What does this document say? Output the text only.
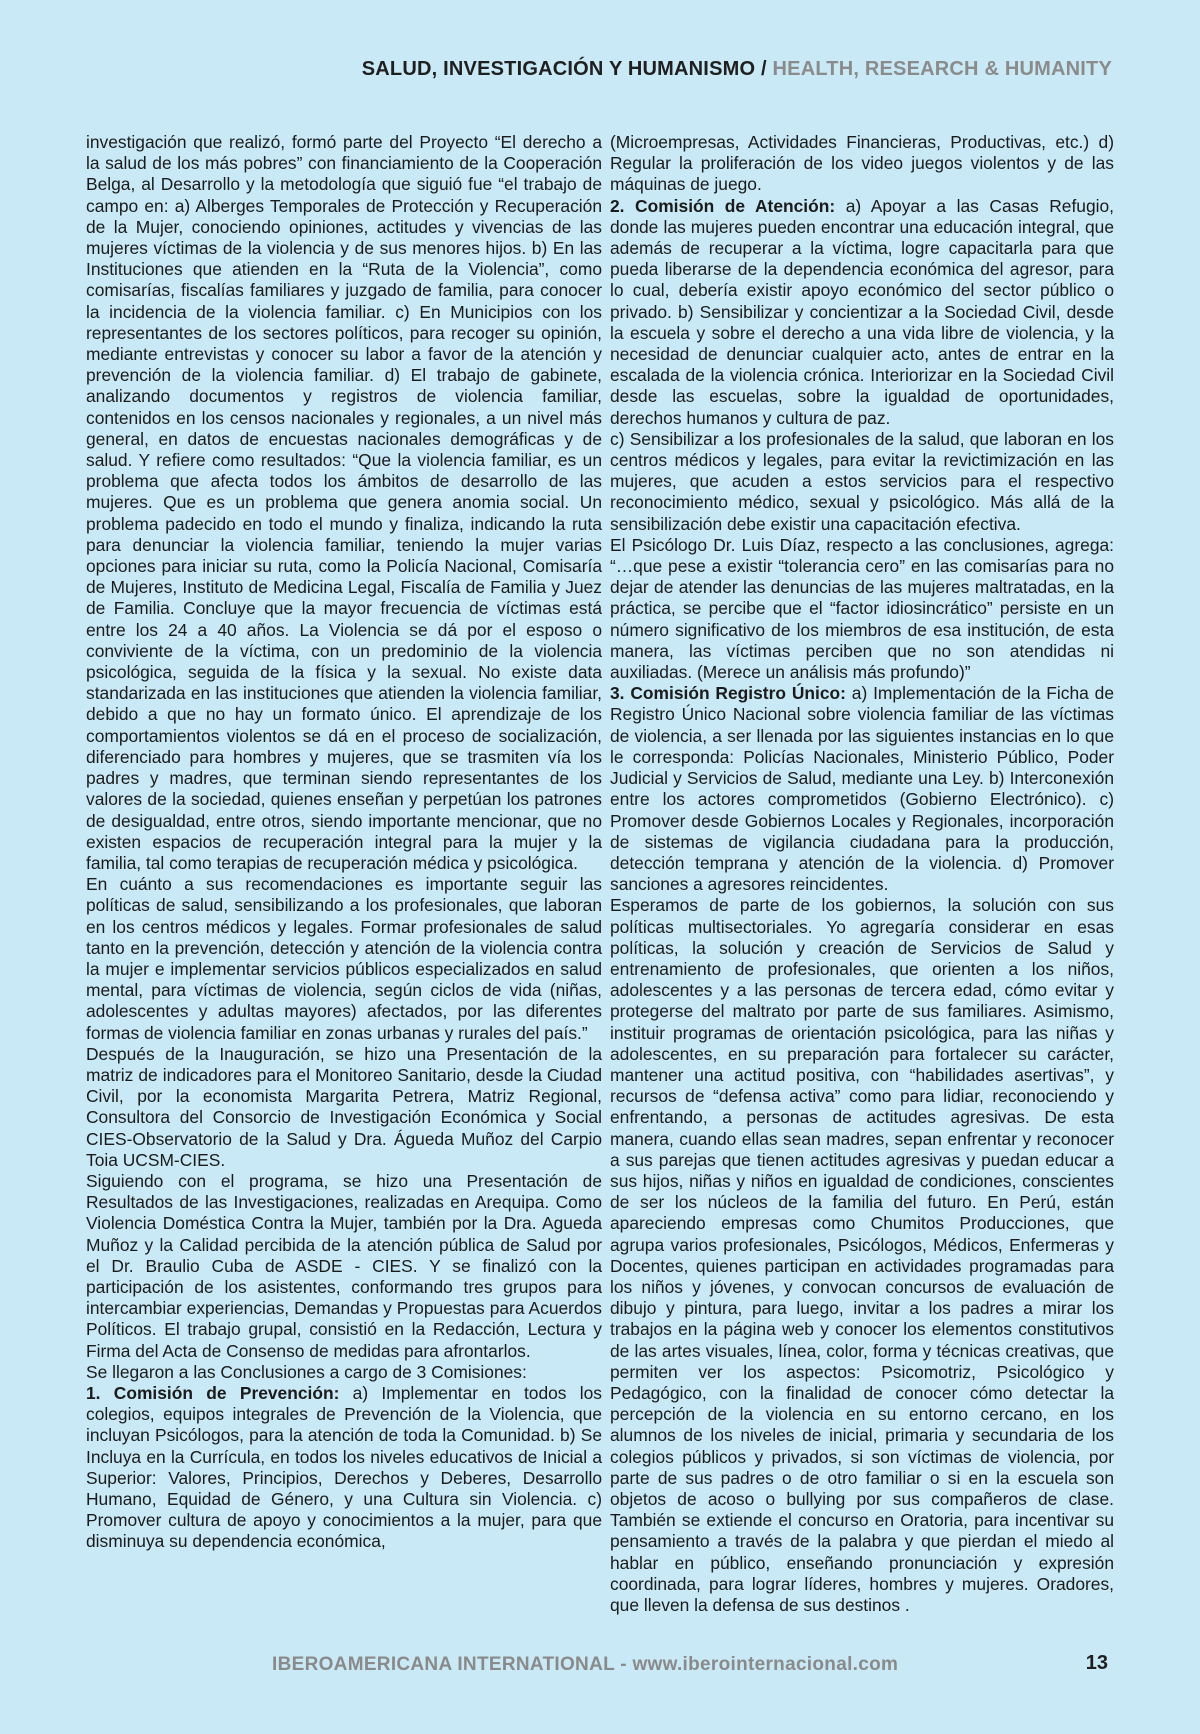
SALUD, INVESTIGACIÓN Y HUMANISMO / HEALTH, RESEARCH & HUMANITY

investigación que realizó, formó parte del Proyecto “El derecho a la salud de los más pobres” con financiamiento de la Cooperación Belga, al Desarrollo y la metodología que siguió fue “el trabajo de campo en: a) Alberges Temporales de Protección y Recuperación de la Mujer, conociendo opiniones, actitudes y vivencias de las mujeres víctimas de la violencia y de sus menores hijos. b) En las Instituciones que atienden en la “Ruta de la Violencia”, como comisarías, fiscalías familiares y juzgado de familia, para conocer la incidencia de la violencia familiar. c) En Municipios con los representantes de los sectores políticos, para recoger su opinión, mediante entrevistas y conocer su labor a favor de la atención y prevención de la violencia familiar. d) El trabajo de gabinete, analizando documentos y registros de violencia familiar, contenidos en los censos nacionales y regionales, a un nivel más general, en datos de encuestas nacionales demográficas y de salud. Y refiere como resultados: “Que la violencia familiar, es un problema que afecta todos los ámbitos de desarrollo de las mujeres. Que es un problema que genera anomia social. Un problema padecido en todo el mundo y finaliza, indicando la ruta para denunciar la violencia familiar, teniendo la mujer varias opciones para iniciar su ruta, como la Policía Nacional, Comisaría de Mujeres, Instituto de Medicina Legal, Fiscalía de Familia y Juez de Familia. Concluye que la mayor frecuencia de víctimas está entre los 24 a 40 años. La Violencia se dá por el esposo o conviviente de la víctima, con un predominio de la violencia psicológica, seguida de la física y la sexual. No existe data standarizada en las instituciones que atienden la violencia familiar, debido a que no hay un formato único. El aprendizaje de los comportamientos violentos se dá en el proceso de socialización, diferenciado para hombres y mujeres, que se trasmiten vía los padres y madres, que terminan siendo representantes de los valores de la sociedad, quienes enseñan y perpetúan los patrones de desigualdad, entre otros, siendo importante mencionar, que no existen espacios de recuperación integral para la mujer y la familia, tal como terapias de recuperación médica y psicológica.

En cuánto a sus recomendaciones es importante seguir las políticas de salud, sensibilizando a los profesionales, que laboran en los centros médicos y legales. Formar profesionales de salud tanto en la prevención, detección y atención de la violencia contra la mujer e implementar servicios públicos especializados en salud mental, para víctimas de violencia, según ciclos de vida (niñas, adolescentes y adultas mayores) afectados, por las diferentes formas de violencia familiar en zonas urbanas y rurales del país.”

Después de la Inauguración, se hizo una Presentación de la matriz de indicadores para el Monitoreo Sanitario, desde la Ciudad Civil, por la economista Margarita Petrera, Matriz Regional, Consultora del Consorcio de Investigación Económica y Social CIES-Observatorio de la Salud y Dra. Águeda Muñoz del Carpio Toia UCSM-CIES.

Siguiendo con el programa, se hizo una Presentación de Resultados de las Investigaciones, realizadas en Arequipa. Como Violencia Doméstica Contra la Mujer, también por la Dra. Agueda Muñoz y la Calidad percibida de la atención pública de Salud por el Dr. Braulio Cuba de ASDE - CIES. Y se finalizó con la participación de los asistentes, conformando tres grupos para intercambiar experiencias, Demandas y Propuestas para Acuerdos Políticos. El trabajo grupal, consistió en la Redacción, Lectura y Firma del Acta de Consenso de medidas para afrontarlos.

Se llegaron a las Conclusiones a cargo de 3 Comisiones:

1. Comisión de Prevención: a) Implementar en todos los colegios, equipos integrales de Prevención de la Violencia, que incluyan Psicólogos, para la atención de toda la Comunidad. b) Se Incluya en la Currícula, en todos los niveles educativos de Inicial a Superior: Valores, Principios, Derechos y Deberes, Desarrollo Humano, Equidad de Género, y una Cultura sin Violencia. c) Promover cultura de apoyo y conocimientos a la mujer, para que disminuya su dependencia económica,

(Microempresas, Actividades Financieras, Productivas, etc.) d) Regular la proliferación de los video juegos violentos y de las máquinas de juego.

2. Comisión de Atención: a) Apoyar a las Casas Refugio, donde las mujeres pueden encontrar una educación integral, que además de recuperar a la víctima, logre capacitarla para que pueda liberarse de la dependencia económica del agresor, para lo cual, debería existir apoyo económico del sector público o privado. b) Sensibilizar y concientizar a la Sociedad Civil, desde la escuela y sobre el derecho a una vida libre de violencia, y la necesidad de denunciar cualquier acto, antes de entrar en la escalada de la violencia crónica. Interiorizar en la Sociedad Civil desde las escuelas, sobre la igualdad de oportunidades, derechos humanos y cultura de paz.

c) Sensibilizar a los profesionales de la salud, que laboran en los centros médicos y legales, para evitar la revictimización en las mujeres, que acuden a estos servicios para el respectivo reconocimiento médico, sexual y psicológico. Más allá de la sensibilización debe existir una capacitación efectiva.

El Psicólogo Dr. Luis Díaz, respecto a las conclusiones, agrega: “…que pese a existir “tolerancia cero” en las comisarías para no dejar de atender las denuncias de las mujeres maltratadas, en la práctica, se percibe que el “factor idiosincrático” persiste en un número significativo de los miembros de esa institución, de esta manera, las víctimas perciben que no son atendidas ni auxiliadas. (Merece un análisis más profundo)”

3. Comisión Registro Único: a) Implementación de la Ficha de Registro Único Nacional sobre violencia familiar de las víctimas de violencia, a ser llenada por las siguientes instancias en lo que le corresponda: Policías Nacionales, Ministerio Público, Poder Judicial y Servicios de Salud, mediante una Ley. b) Interconexión entre los actores comprometidos (Gobierno Electrónico). c) Promover desde Gobiernos Locales y Regionales, incorporación de sistemas de vigilancia ciudadana para la producción, detección temprana y atención de la violencia. d) Promover sanciones a agresores reincidentes.

Esperamos de parte de los gobiernos, la solución con sus políticas multisectoriales. Yo agregaría considerar en esas políticas, la solución y creación de Servicios de Salud y entrenamiento de profesionales, que orienten a los niños, adolescentes y a las personas de tercera edad, cómo evitar y protegerse del maltrato por parte de sus familiares. Asimismo, instituir programas de orientación psicológica, para las niñas y adolescentes, en su preparación para fortalecer su carácter, mantener una actitud positiva, con “habilidades asertivas”, y recursos de “defensa activa” como para lidiar, reconociendo y enfrentando, a personas de actitudes agresivas. De esta manera, cuando ellas sean madres, sepan enfrentar y reconocer a sus parejas que tienen actitudes agresivas y puedan educar a sus hijos, niñas y niños en igualdad de condiciones, conscientes de ser los núcleos de la familia del futuro. En Perú, están apareciendo empresas como Chumitos Producciones, que agrupa varios profesionales, Psicólogos, Médicos, Enfermeras y Docentes, quienes participan en actividades programadas para los niños y jóvenes, y convocan concursos de evaluación de dibujo y pintura, para luego, invitar a los padres a mirar los trabajos en la página web y conocer los elementos constitutivos de las artes visuales, línea, color, forma y técnicas creativas, que permiten ver los aspectos: Psicomotriz, Psicológico y Pedagógico, con la finalidad de conocer cómo detectar la percepción de la violencia en su entorno cercano, en los alumnos de los niveles de inicial, primaria y secundaria de los colegios públicos y privados, si son víctimas de violencia, por parte de sus padres o de otro familiar o si en la escuela son objetos de acoso o bullying por sus compañeros de clase. También se extiende el concurso en Oratoria, para incentivar su pensamiento a través de la palabra y que pierdan el miedo al hablar en público, enseñando pronunciación y expresión coordinada, para lograr líderes, hombres y mujeres. Oradores, que lleven la defensa de sus destinos .

IBEROAMERICANA INTERNATIONAL - www.iberointernacional.com	13
